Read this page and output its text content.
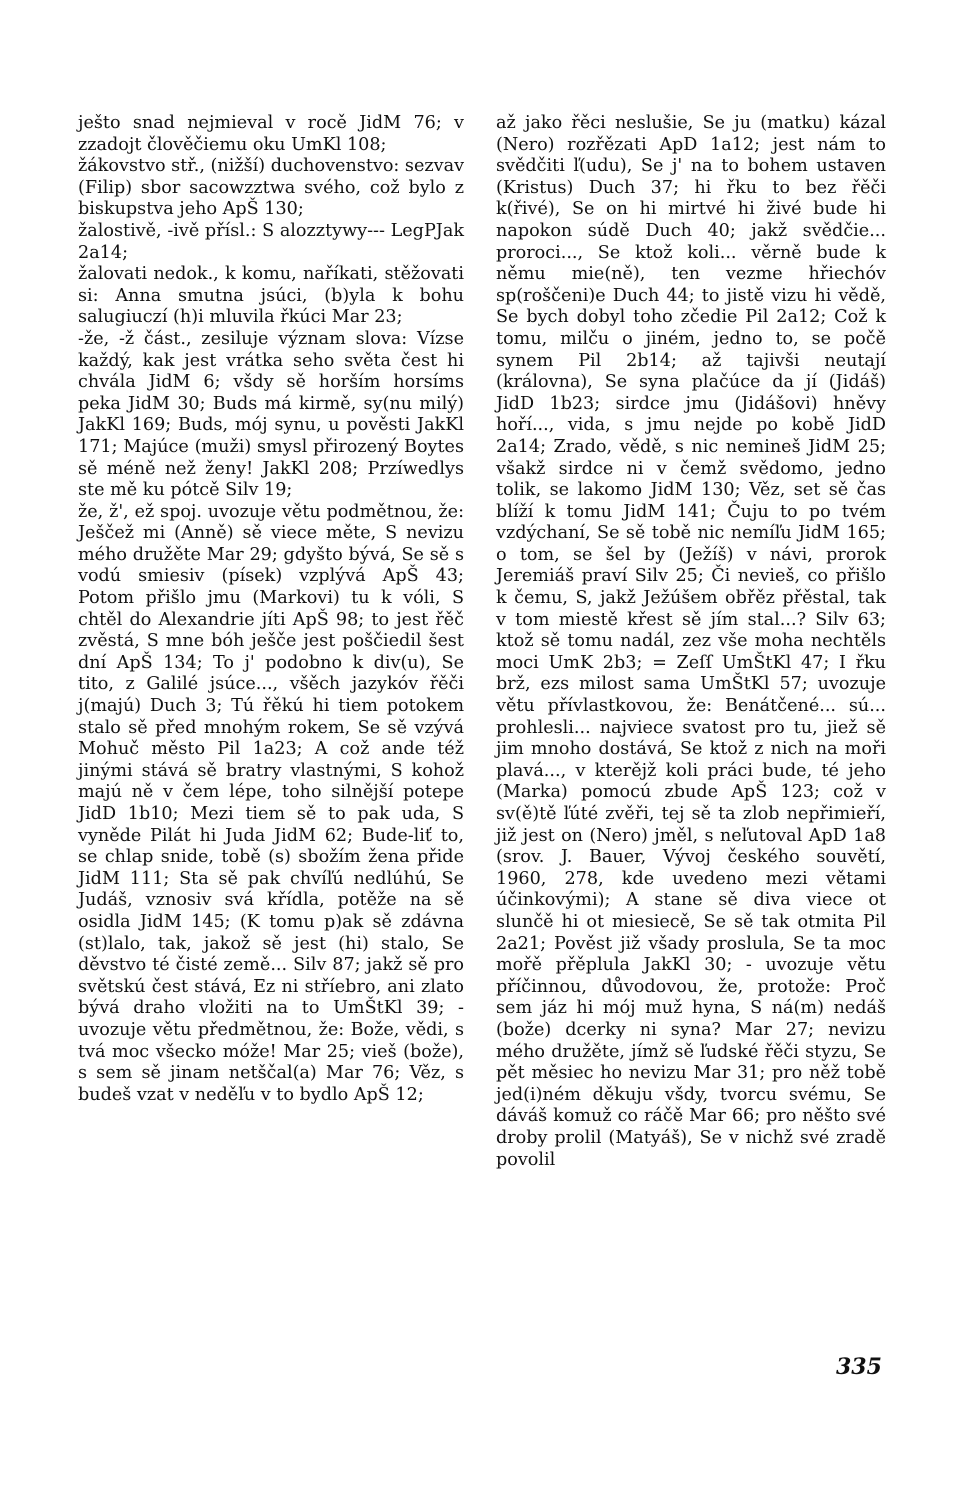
ješto snad nejmieval v rocě JidM 76; v zzadojt člověčiemu oku UmKl 108;

žákovstvo stř., (nižší) duchovenstvo: sezvav (Filip) sbor sacowzztwa svého, což bylo z biskupstva jeho ApŠ 130;

žalostivě, -ivě přísl.: S alozztywy--- LegPJak 2a14;

žalovati nedok., k komu, naříkati, stěžovati si: Anna smutna jsúci, (b)yla k bohu salugiuczí (h)i mluvila řkúci Mar 23;

-že, -ž část., zesiluje význam slova: Vízse každý, kak jest vrátka seho světa čest hi chvála JidM 6; všdy sě horším horsíms peka JidM 30; Buds má kirmě, sy(nu milý) JakKl 169; Buds, mój synu, u pověsti JakKl 171; Majúce (muži) smysl přirozený Boytes sě méně než ženy! JakKl 208; Przíwedlys ste mě ku pótcě Silv 19;

že, ž', ež spoj. uvozuje větu podmětnou, že: Ješčež mi (Anně) sě viece měte, S nevizu mého družěte Mar 29; gdyšto bývá, Se sě s vodú smiesiv (písek) vzplývá ApŠ 43; Potom přišlo jmu (Markovi) tu k vóli, S chtěl do Alexandrie jíti ApŠ 98; to jest řěč zvěstá, S mne bóh ješče jest poščiedil šest dní ApŠ 134; To j' podobno k div(u), Se tito, z Galilé jsúce..., všěch jazykóv řěči j(majú) Duch 3; Tú řěkú hi tiem potokem stalo sě před mnohým rokem, Se sě vzývá Mohuč město Pil 1a23; A což ande též jinými stává sě bratry vlastnými, S kohož majú ně v čem lépe, toho silnější potepe JidD 1b10; Mezi tiem sě to pak uda, S vyněde Pilát hi Juda JidM 62; Bude-liť to, se chlap snide, tobě (s) sbožím žena přide JidM 111; Sta sě pak chvíľú nedlúhú, Se Judáš, vznosiv svá křídla, potěže na sě osidla JidM 145; (K tomu p)ak sě zdávna (st)lalo, tak, jakož sě jest (hi) stalo, Se děvstvo té čisté země... Silv 87; jakž sě pro světskú čest stává, Ez ni stříebro, ani zlato bývá draho vložiti na to UmŠtKl 39; - uvozuje větu předmětnou, že: Bože, vědi, s tvá moc všecko móže! Mar 25; vieš (bože), s sem sě jinam netščal(a) Mar 76; Věz, s budeš vzat v neděľu v to bydlo ApŠ 12;

až jako řěci neslušie, Se ju (matku) kázal (Nero) rozřězati ApD 1a12; jest nám to svědčiti ľ(udu), Se j' na to bohem ustaven (Kristus) Duch 37; hi řku to bez řěči k(řivé), Se on hi mirtvé hi živé bude hi napokon súdě Duch 40; jakž svědčie... proroci..., Se ktož koli... věrně bude k němu mie(ně), ten vezme hřiechóv sp(roščeni)e Duch 44; to jistě vizu hi vědě, Se bych dobyl toho zčedie Pil 2a12; Což k tomu, milču o jiném, jedno to, se počě synem Pil 2b14; až tajivši neutají (královna), Se syna plačúce da jí (Jidáš) JidD 1b23; sirdce jmu (Jidášovi) hněvy hoří..., vida, s jmu nejde po kobě JidD 2a14; Zrado, vědě, s nic nemineš JidM 25; všakž sirdce ni v čemž svědomo, jedno tolik, se lakomo JidM 130; Věz, set sě čas blíží k tomu JidM 141; Čuju to po tvém vzdýchaní, Se sě tobě nic nemíľu JidM 165; o tom, se šel by (Ježíš) v návi, prorok Jeremiáš praví Silv 25; Či nevieš, co přišlo k čemu, S, jakž Ježúšem obřěz přěstal, tak v tom miestě křest sě jím stal...? Silv 63; ktož sě tomu nadál, zez vše moha nechtěls moci UmK 2b3; = Zeſſ UmŠtKl 47; I řku brž, ezs milost sama UmŠtKl 57; uvozuje větu přívlastkovou, že: Benátčené... sú... prohlesli... najviece svatost pro tu, jiež sě jim mnoho dostává, Se ktož z nich na moři plavá..., v kterějž koli práci bude, té jeho (Marka) pomocú zbude ApŠ 123; což v sv(ě)tě ľúté zvěři, tej sě ta zlob nepřimieří, již jest on (Nero) jměl, s neľutoval ApD 1a8 (srov. J. Bauer, Vývoj českého souvětí, 1960, 278, kde uvedeno mezi větami účinkovými); A stane sě diva viece ot slunčě hi ot miesiecě, Se sě tak otmita Pil 2a21; Pověst již všady proslula, Se ta moc mořě přěplula JakKl 30; - uvozuje větu příčinnou, důvodovou, že, protože: Proč sem jáz hi mój muž hyna, S ná(m) nedáš (bože) dcerky ni syna? Mar 27; nevizu mého družěte, jímž sě ľudské řěči styzu, Se pět měsiec ho nevizu Mar 31; pro něž tobě jed(i)ném děkuju všdy, tvorcu svému, Se dáváš komuž co ráčě Mar 66; pro něšto své droby prolil (Matyáš), Se v nichž své zradě povolil

335
